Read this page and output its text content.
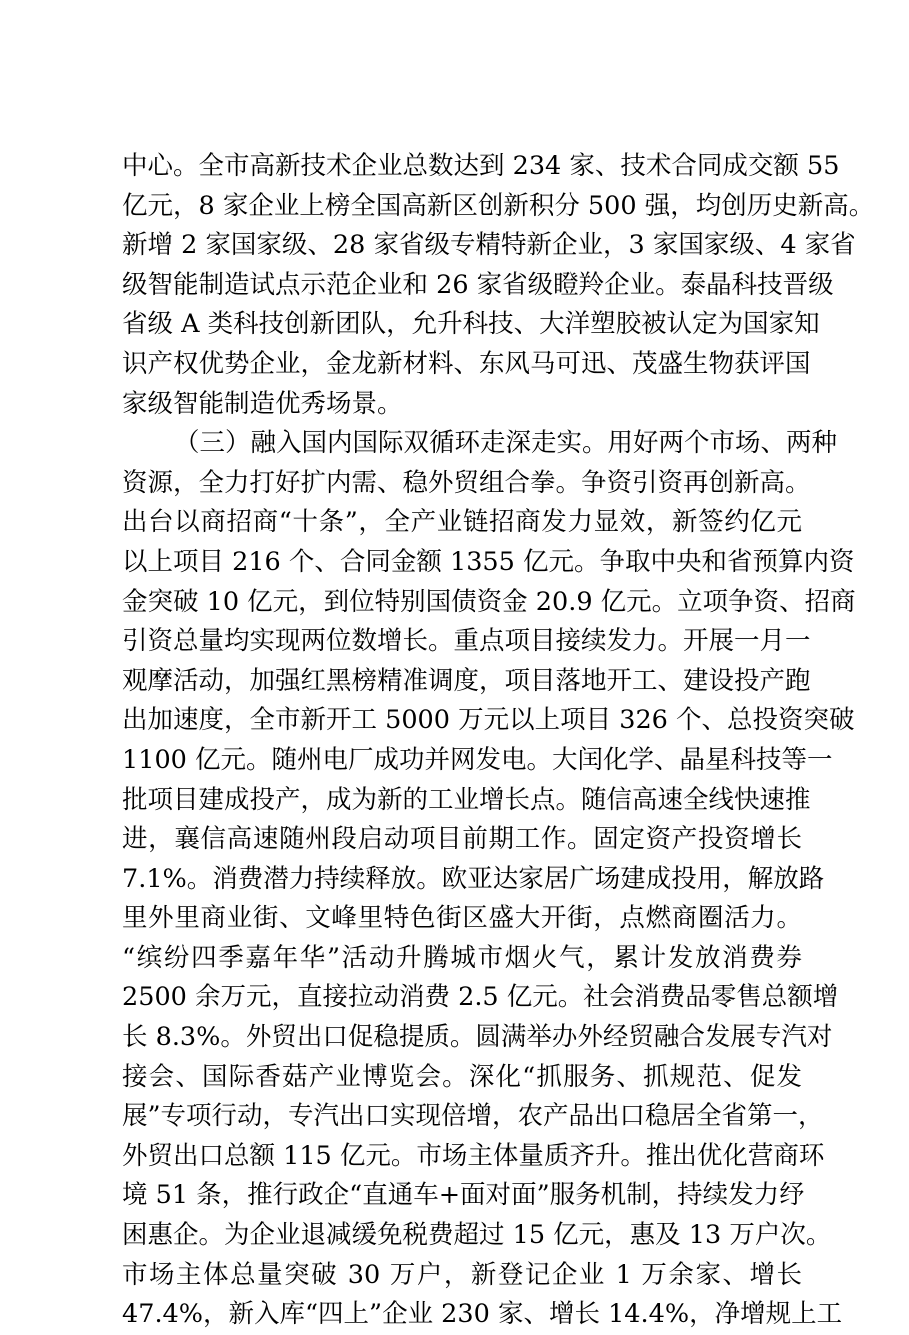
中心。全市高新技术企业总数达到 234 家、技术合同成交额 55
亿元，8 家企业上榜全国高新区创新积分 500 强，均创历史新高。
新增 2 家国家级、28 家省级专精特新企业，3 家国家级、4 家省
级智能制造试点示范企业和 26 家省级瞪羚企业。泰晶科技晋级
省级 A 类科技创新团队，允升科技、大洋塑胶被认定为国家知
识产权优势企业，金龙新材料、东风马可迅、茂盛生物获评国
家级智能制造优秀场景。
（三）融入国内国际双循环走深走实。用好两个市场、两种
资源，全力打好扩内需、稳外贸组合拳。争资引资再创新高。
出台以商招商“十条”，全产业链招商发力显效，新签约亿元
以上项目 216 个、合同金额 1355 亿元。争取中央和省预算内资
金突破 10 亿元，到位特别国债资金 20.9 亿元。立项争资、招商
引资总量均实现两位数增长。重点项目接续发力。开展一月一
观摩活动，加强红黑榜精准调度，项目落地开工、建设投产跑
出加速度，全市新开工 5000 万元以上项目 326 个、总投资突破
1100 亿元。随州电厂成功并网发电。大闰化学、晶星科技等一
批项目建成投产，成为新的工业增长点。随信高速全线快速推
进，襄信高速随州段启动项目前期工作。固定资产投资增长
7.1%。消费潜力持续释放。欧亚达家居广场建成投用，解放路
里外里商业街、文峰里特色街区盛大开街，点燃商圈活力。
“缤纷四季嘉年华”活动升腾城市烟火气，累计发放消费券
2500 余万元，直接拉动消费 2.5 亿元。社会消费品零售总额增
长 8.3%。外贸出口促稳提质。圆满举办外经贸融合发展专汽对
接会、国际香菇产业博览会。深化“抓服务、抓规范、促发
展”专项行动，专汽出口实现倍增，农产品出口稳居全省第一，
外贸出口总额 115 亿元。市场主体量质齐升。推出优化营商环
境 51 条，推行政企“直通车+面对面”服务机制，持续发力纾
困惠企。为企业退减缓免税费超过 15 亿元，惠及 13 万户次。
市场主体总量突破 30 万户，新登记企业 1 万余家、增长
47.4%，新入库“四上”企业 230 家、增长 14.4%，净增规上工
